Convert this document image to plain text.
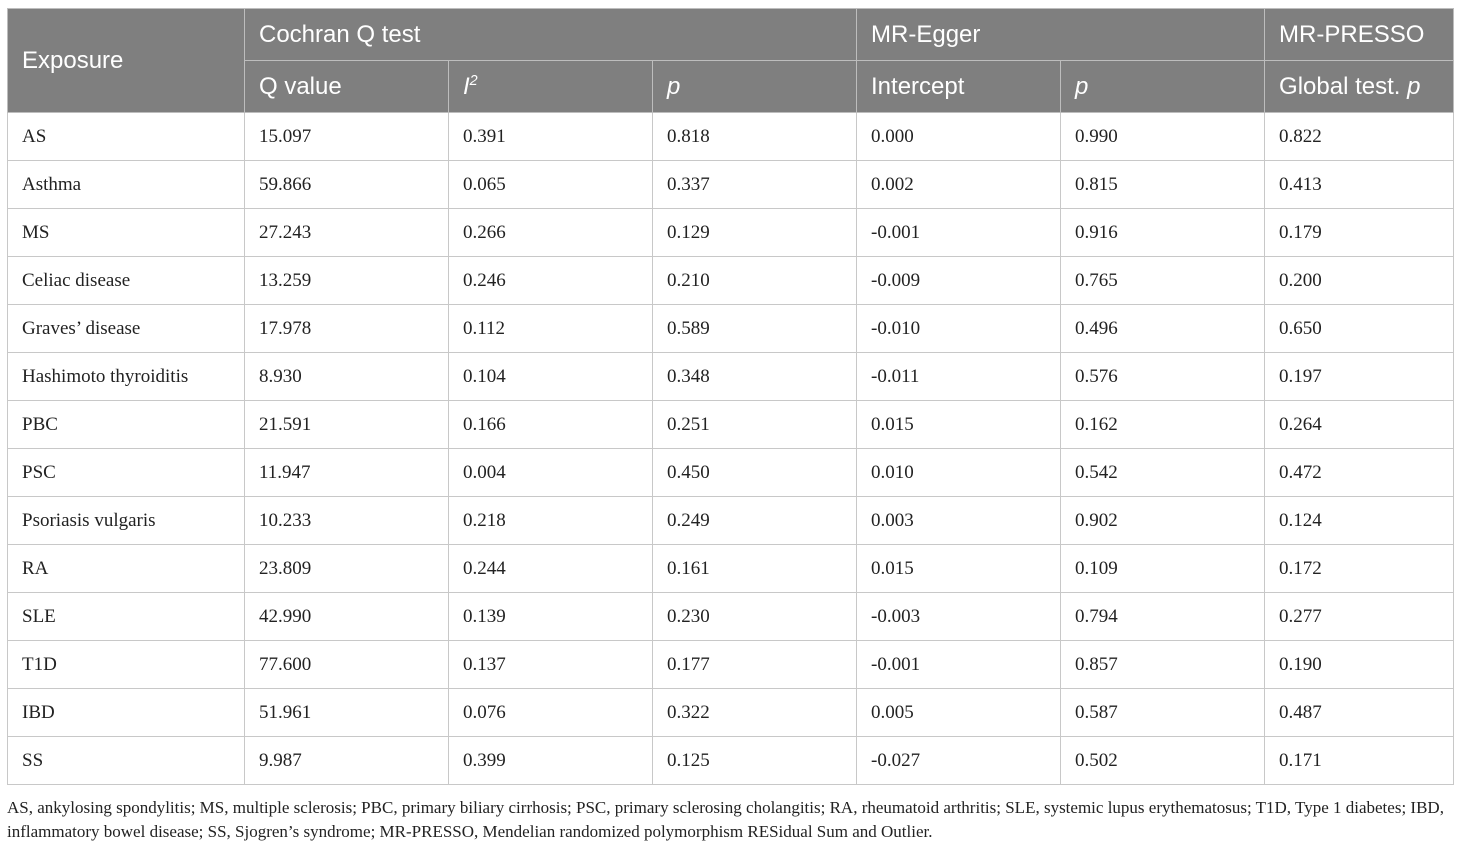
Exposure	Cochran Q test			MR-Egger		MR-PRESSO
	Q value	$I^2$	p	Intercept	p	Global test. p
AS	15.097	0.391	0.818	0.000	0.990	0.822
Asthma	59.866	0.065	0.337	0.002	0.815	0.413
MS	27.243	0.266	0.129	-0.001	0.916	0.179
Celiac disease	13.259	0.246	0.210	-0.009	0.765	0.200
Graves’ disease	17.978	0.112	0.589	-0.010	0.496	0.650
Hashimoto thyroiditis	8.930	0.104	0.348	-0.011	0.576	0.197
PBC	21.591	0.166	0.251	0.015	0.162	0.264
PSC	11.947	0.004	0.450	0.010	0.542	0.472
Psoriasis vulgaris	10.233	0.218	0.249	0.003	0.902	0.124
RA	23.809	0.244	0.161	0.015	0.109	0.172
SLE	42.990	0.139	0.230	-0.003	0.794	0.277
T1D	77.600	0.137	0.177	-0.001	0.857	0.190
IBD	51.961	0.076	0.322	0.005	0.587	0.487
SS	9.987	0.399	0.125	-0.027	0.502	0.171
AS, ankylosing spondylitis; MS, multiple sclerosis; PBC, primary biliary cirrhosis; PSC, primary sclerosing cholangitis; RA, rheumatoid arthritis; SLE, systemic lupus erythematosus; T1D, Type 1 diabetes; IBD, inflammatory bowel disease; SS, Sjogren’s syndrome; MR-PRESSO, Mendelian randomized polymorphism RESidual Sum and Outlier.
